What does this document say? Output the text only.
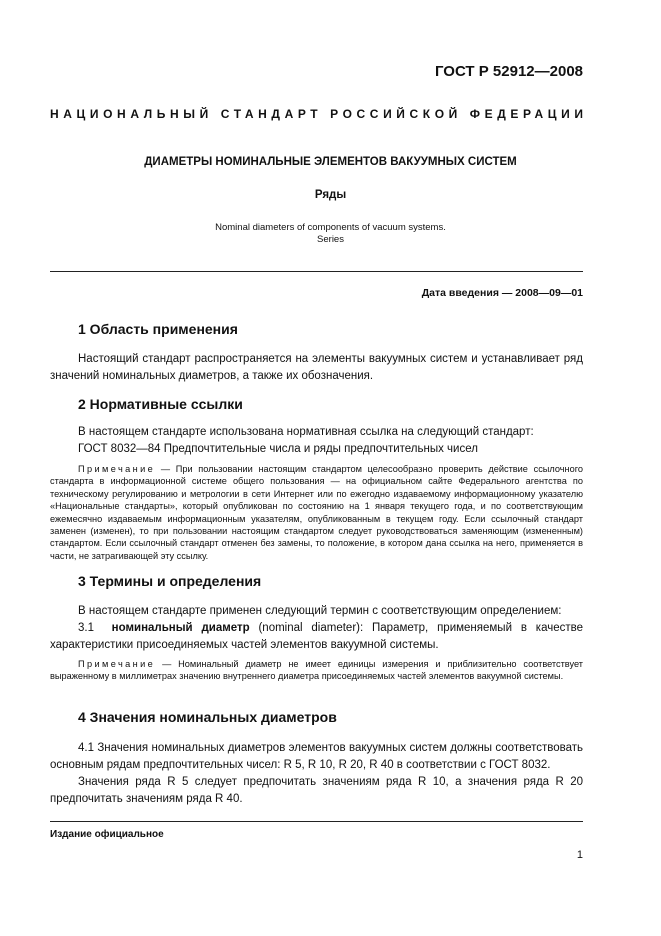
ГОСТ Р 52912—2008
НАЦИОНАЛЬНЫЙ СТАНДАРТ РОССИЙСКОЙ ФЕДЕРАЦИИ
ДИАМЕТРЫ НОМИНАЛЬНЫЕ ЭЛЕМЕНТОВ ВАКУУМНЫХ СИСТЕМ
Ряды
Nominal diameters of components of vacuum systems.
Series
Дата введения — 2008—09—01
1 Область применения
Настоящий стандарт распространяется на элементы вакуумных систем и устанавливает ряд значений номинальных диаметров, а также их обозначения.
2 Нормативные ссылки
В настоящем стандарте использована нормативная ссылка на следующий стандарт:
ГОСТ 8032—84 Предпочтительные числа и ряды предпочтительных чисел
Примечание — При пользовании настоящим стандартом целесообразно проверить действие ссылочного стандарта в информационной системе общего пользования — на официальном сайте Федерального агентства по техническому регулированию и метрологии в сети Интернет или по ежегодно издаваемому информационному указателю «Национальные стандарты», который опубликован по состоянию на 1 января текущего года, и по соответствующим ежемесячно издаваемым информационным указателям, опубликованным в текущем году. Если ссылочный стандарт заменен (изменен), то при пользовании настоящим стандартом следует руководствоваться заменяющим (измененным) стандартом. Если ссылочный стандарт отменен без замены, то положение, в котором дана ссылка на него, применяется в части, не затрагивающей эту ссылку.
3 Термины и определения
В настоящем стандарте применен следующий термин с соответствующим определением:
3.1 номинальный диаметр (nominal diameter): Параметр, применяемый в качестве характеристики присоединяемых частей элементов вакуумной системы.
Примечание — Номинальный диаметр не имеет единицы измерения и приблизительно соответствует выраженному в миллиметрах значению внутреннего диаметра присоединяемых частей элементов вакуумной системы.
4 Значения номинальных диаметров
4.1 Значения номинальных диаметров элементов вакуумных систем должны соответствовать основным рядам предпочтительных чисел: R 5, R 10, R 20, R 40 в соответствии с ГОСТ 8032.
Значения ряда R 5 следует предпочитать значениям ряда R 10, а значения ряда R 20 предпочитать значениям ряда R 40.
Издание официальное
1
